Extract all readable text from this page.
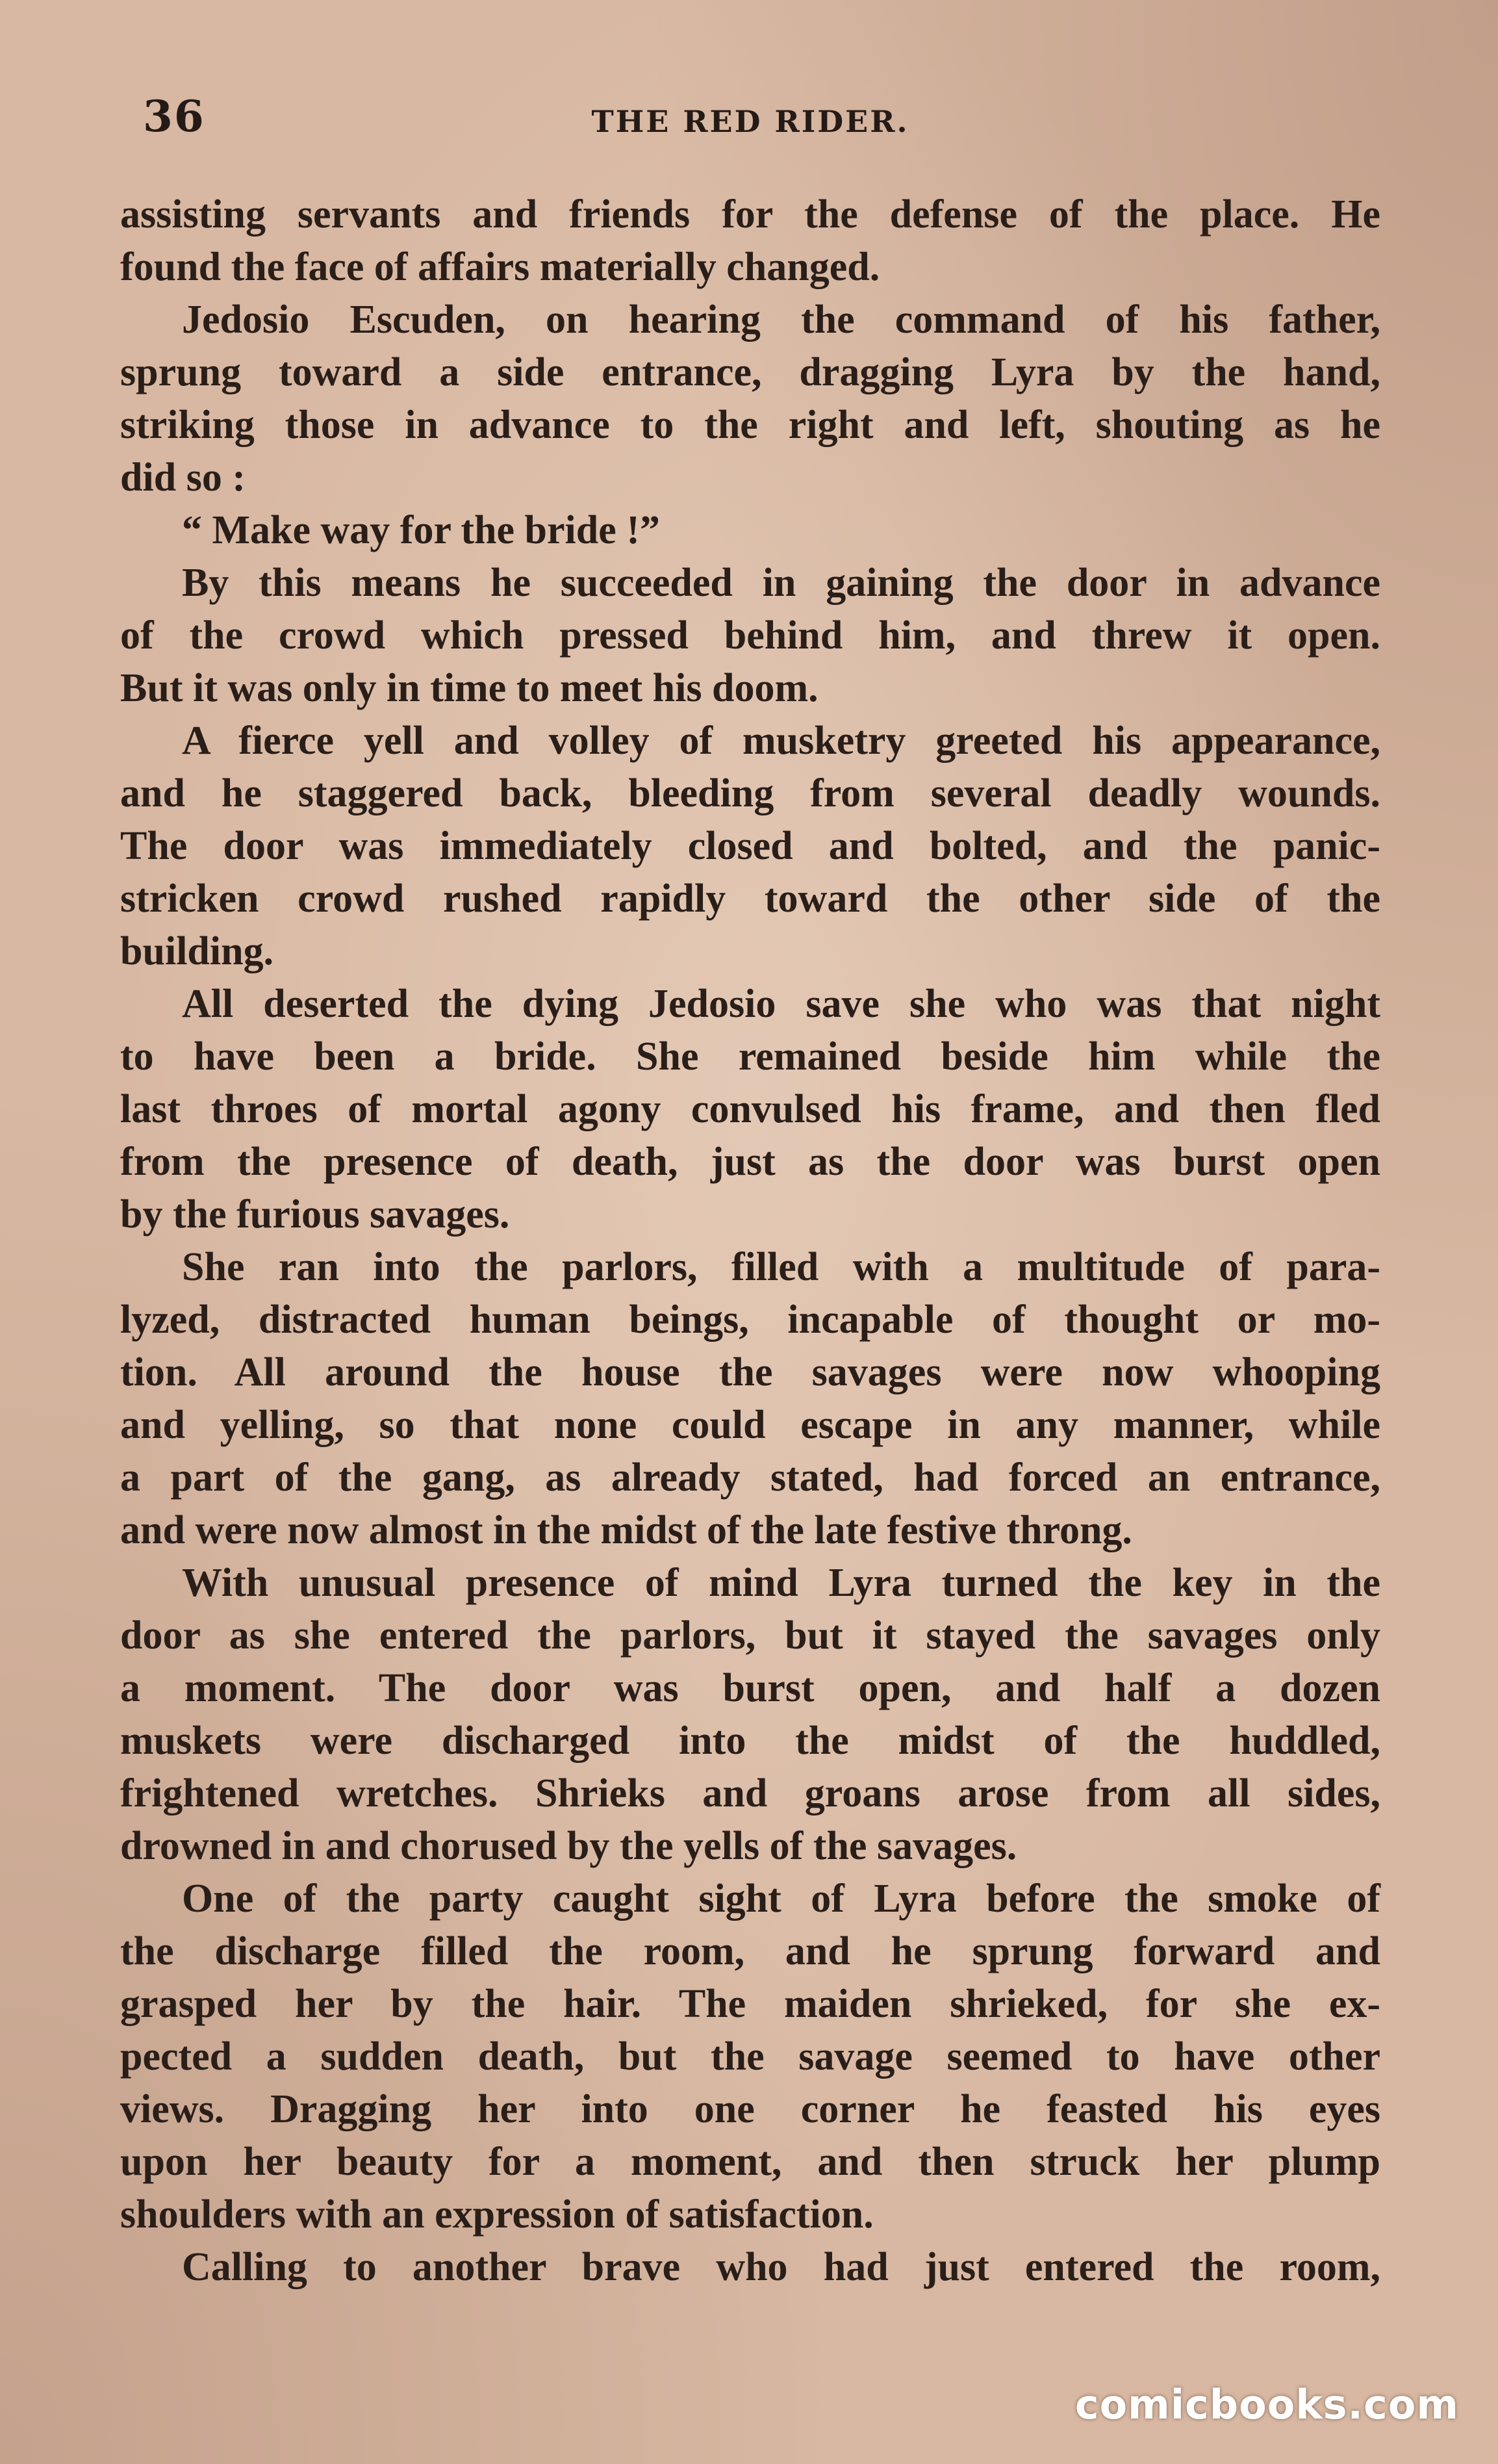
36	THE RED RIDER.
assisting servants and friends for the defense of the place. He
found the face of affairs materially changed.
Jedosio Escuden, on hearing the command of his father,
sprung toward a side entrance, dragging Lyra by the hand,
striking those in advance to the right and left, shouting as he
did so :
“ Make way for the bride !”
By this means he succeeded in gaining the door in advance
of the crowd which pressed behind him, and threw it open.
But it was only in time to meet his doom.
A fierce yell and volley of musketry greeted his appearance,
and he staggered back, bleeding from several deadly wounds.
The door was immediately closed and bolted, and the panic-
stricken crowd rushed rapidly toward the other side of the
building.
All deserted the dying Jedosio save she who was that night
to have been a bride. She remained beside him while the
last throes of mortal agony convulsed his frame, and then fled
from the presence of death, just as the door was burst open
by the furious savages.
She ran into the parlors, filled with a multitude of para-
lyzed, distracted human beings, incapable of thought or mo-
tion. All around the house the savages were now whooping
and yelling, so that none could escape in any manner, while
a part of the gang, as already stated, had forced an entrance,
and were now almost in the midst of the late festive throng.
With unusual presence of mind Lyra turned the key in the
door as she entered the parlors, but it stayed the savages only
a moment. The door was burst open, and half a dozen
muskets were discharged into the midst of the huddled,
frightened wretches. Shrieks and groans arose from all sides,
drowned in and chorused by the yells of the savages.
One of the party caught sight of Lyra before the smoke of
the discharge filled the room, and he sprung forward and
grasped her by the hair. The maiden shrieked, for she ex-
pected a sudden death, but the savage seemed to have other
views. Dragging her into one corner he feasted his eyes
upon her beauty for a moment, and then struck her plump
shoulders with an expression of satisfaction.
Calling to another brave who had just entered the room,
comicbooks.com
